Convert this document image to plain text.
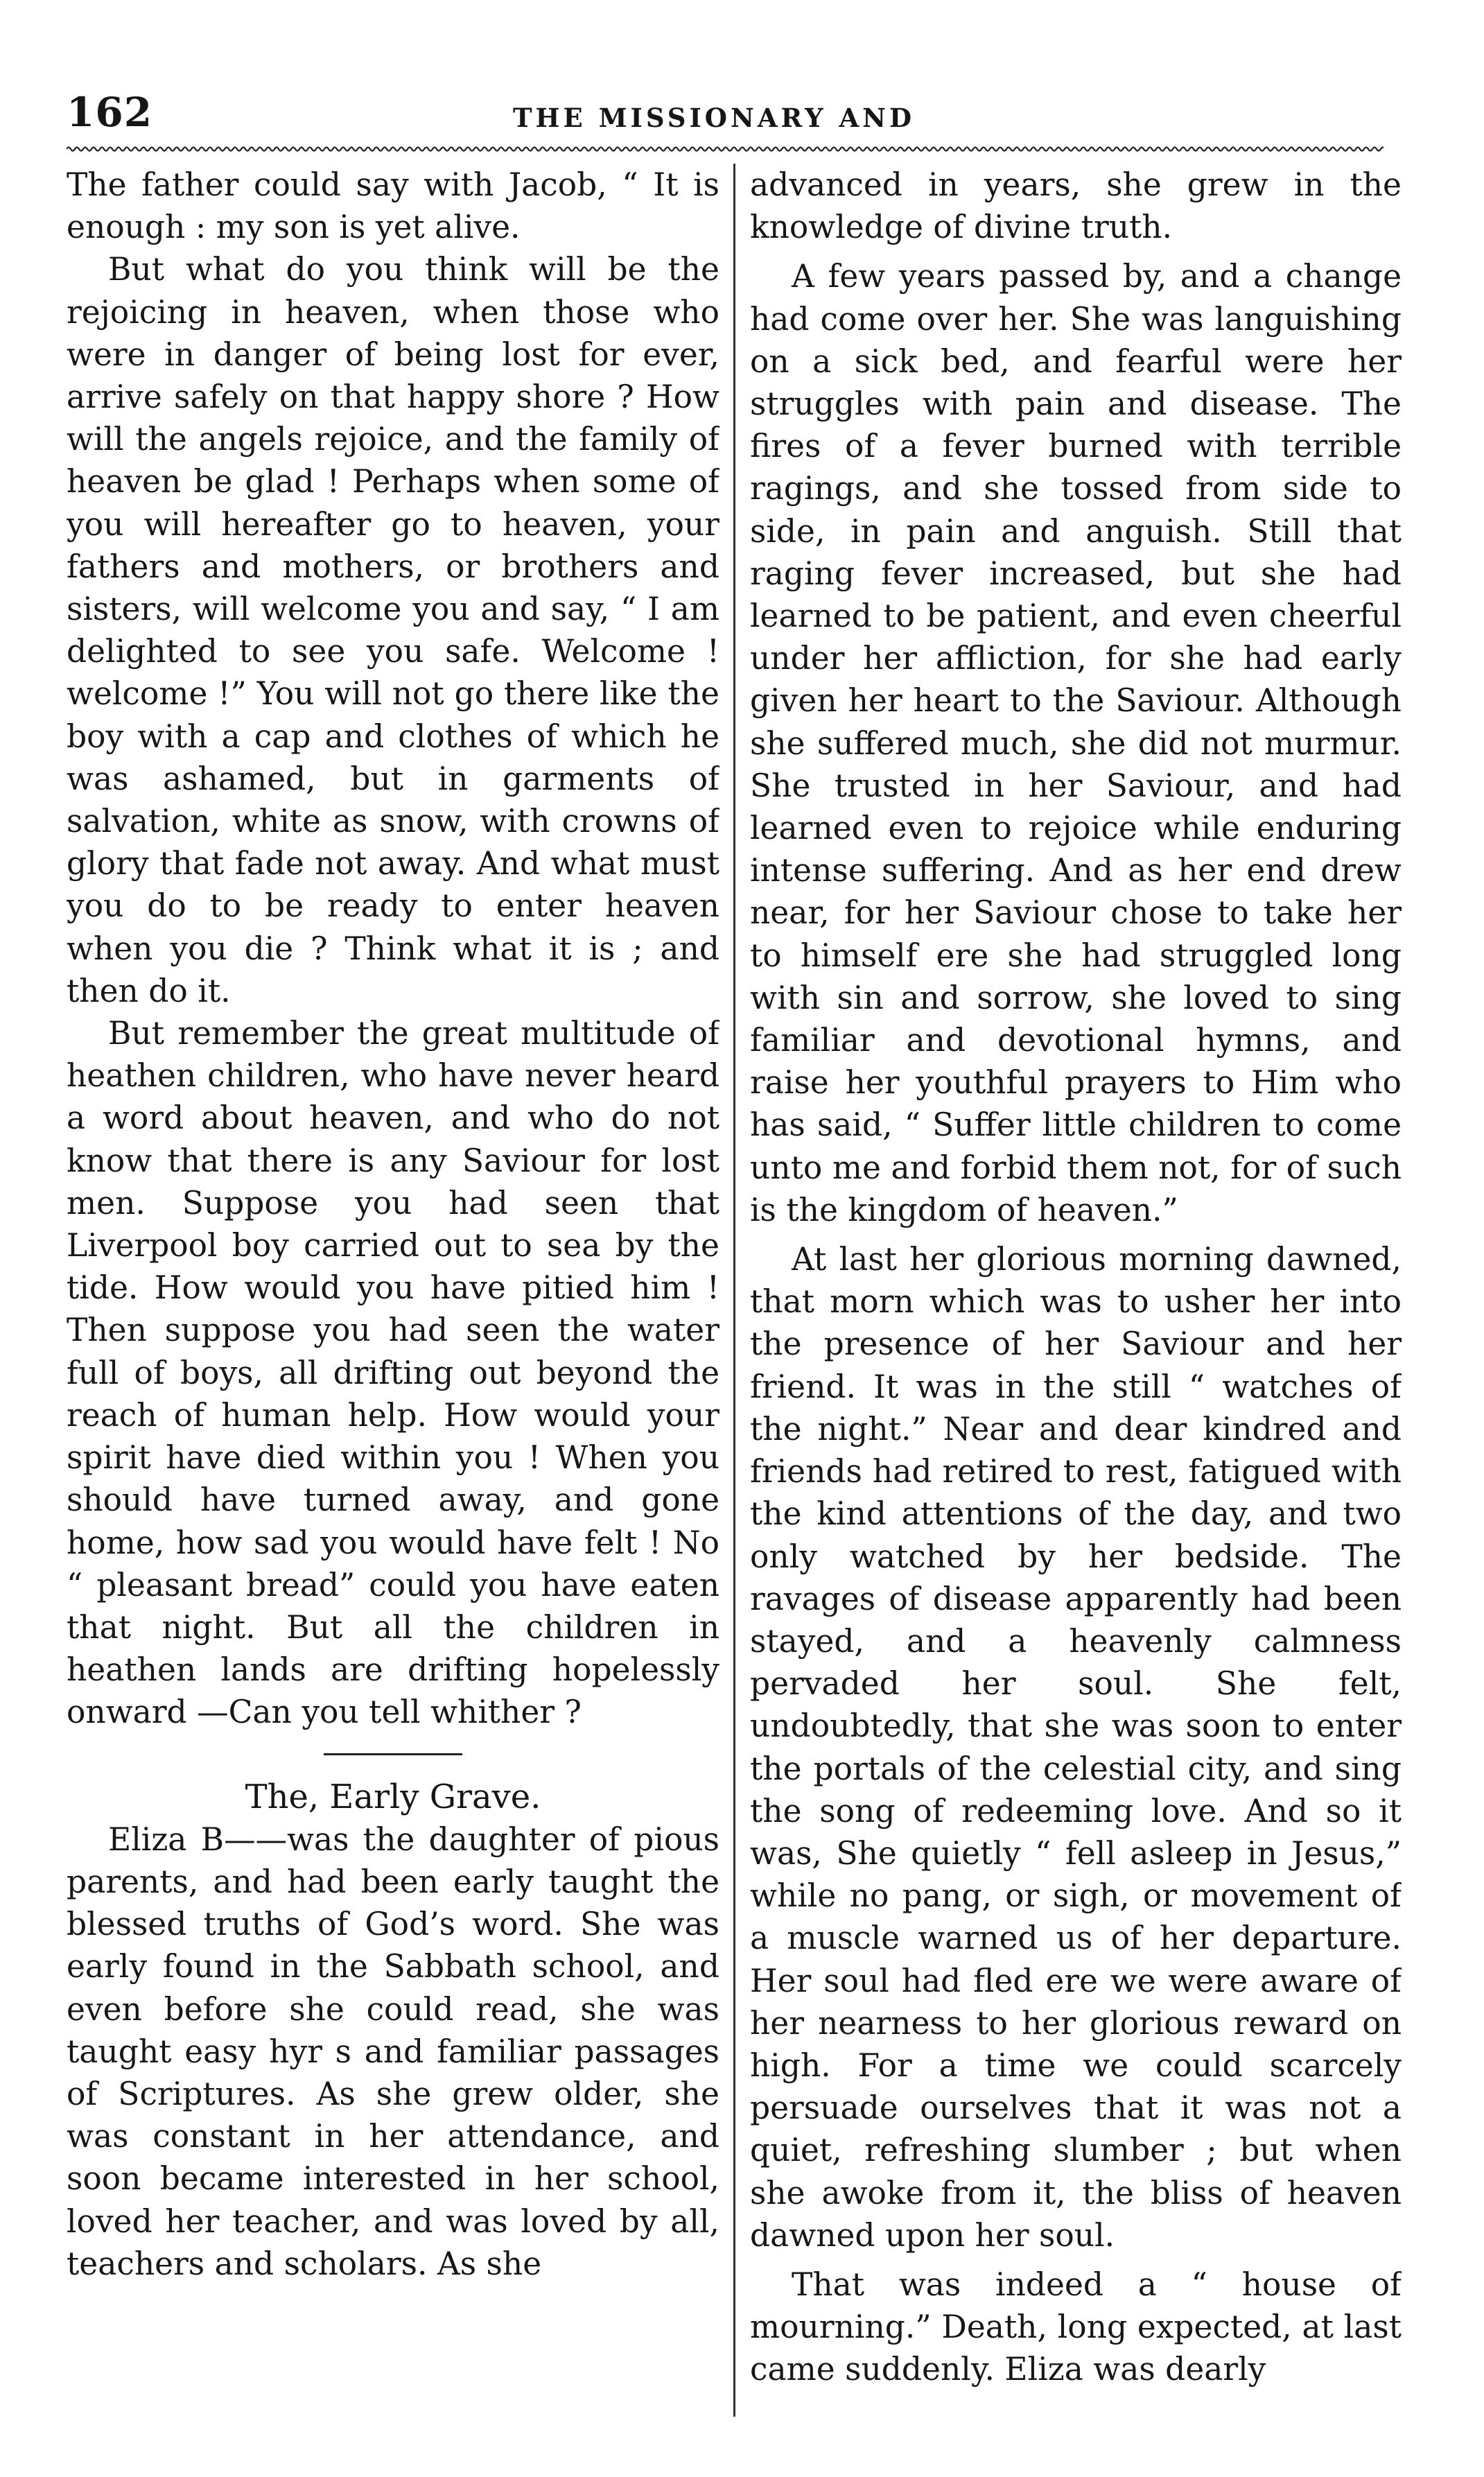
162	THE MISSIONARY AND

The father could say with Jacob, “ It is enough : my son is yet alive.

But what do you think will be the rejoicing in heaven, when those who were in danger of being lost for ever, arrive safely on that happy shore ? How will the angels rejoice, and the family of heaven be glad ! Perhaps when some of you will hereafter go to heaven, your fathers and mothers, or brothers and sisters, will welcome you and say, “ I am delighted to see you safe. Welcome ! welcome !” You will not go there like the boy with a cap and clothes of which he was ashamed, but in garments of salvation, white as snow, with crowns of glory that fade not away. And what must you do to be ready to enter heaven when you die ? Think what it is ; and then do it.

But remember the great multitude of heathen children, who have never heard a word about heaven, and who do not know that there is any Saviour for lost men. Suppose you had seen that Liverpool boy carried out to sea by the tide. How would you have pitied him ! Then suppose you had seen the water full of boys, all drifting out beyond the reach of human help. How would your spirit have died within you ! When you should have turned away, and gone home, how sad you would have felt ! No “ pleasant bread” could you have eaten that night. But all the children in heathen lands are drifting hopelessly onward —Can you tell whither ?

The, Early Grave.

Eliza B——was the daughter of pious parents, and had been early taught the blessed truths of God’s word. She was early found in the Sabbath school, and even before she could read, she was taught easy hyr s and familiar passages of Scriptures. As she grew older, she was constant in her attendance, and soon became interested in her school, loved her teacher, and was loved by all, teachers and scholars. As she

advanced in years, she grew in the knowledge of divine truth.

A few years passed by, and a change had come over her. She was languishing on a sick bed, and fearful were her struggles with pain and disease. The fires of a fever burned with terrible ragings, and she tossed from side to side, in pain and anguish. Still that raging fever increased, but she had learned to be patient, and even cheerful under her affliction, for she had early given her heart to the Saviour. Although she suffered much, she did not murmur. She trusted in her Saviour, and had learned even to rejoice while enduring intense suffering. And as her end drew near, for her Saviour chose to take her to himself ere she had struggled long with sin and sorrow, she loved to sing familiar and devotional hymns, and raise her youthful prayers to Him who has said, “ Suffer little children to come unto me and forbid them not, for of such is the kingdom of heaven.”

At last her glorious morning dawned, that morn which was to usher her into the presence of her Saviour and her friend. It was in the still “ watches of the night.” Near and dear kindred and friends had retired to rest, fatigued with the kind attentions of the day, and two only watched by her bedside. The ravages of disease apparently had been stayed, and a heavenly calmness pervaded her soul. She felt, undoubtedly, that she was soon to enter the portals of the celestial city, and sing the song of redeeming love. And so it was, She quietly “ fell asleep in Jesus,” while no pang, or sigh, or movement of a muscle warned us of her departure. Her soul had fled ere we were aware of her nearness to her glorious reward on high. For a time we could scarcely persuade ourselves that it was not a quiet, refreshing slumber ; but when she awoke from it, the bliss of heaven dawned upon her soul.

That was indeed a “ house of mourning.” Death, long expected, at last came suddenly. Eliza was dearly
